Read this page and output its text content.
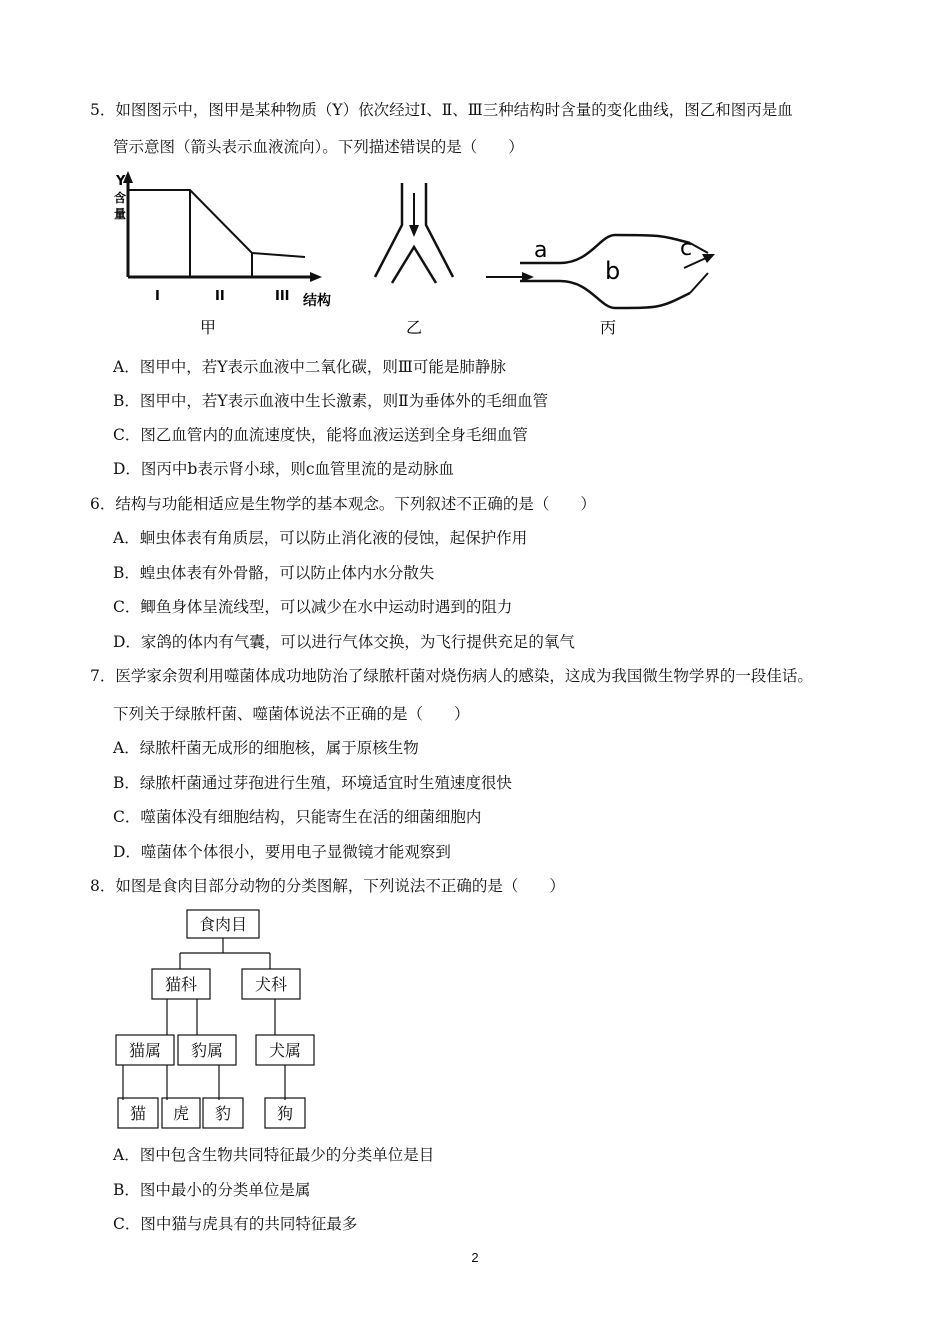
5．如图图示中，图甲是某种物质（Y）依次经过Ⅰ、Ⅱ、Ⅲ三种结构时含量的变化曲线，图乙和图丙是血
管示意图（箭头表示血液流向）。下列描述错误的是（　　）
Y
含
量
I	II	III 结构
甲	乙
a
b
c
丙
A．图甲中，若Y表示血液中二氧化碳，则Ⅲ可能是肺静脉
B．图甲中，若Y表示血液中生长激素，则Ⅱ为垂体外的毛细血管
C．图乙血管内的血流速度快，能将血液运送到全身毛细血管
D．图丙中b表示肾小球，则c血管里流的是动脉血
6．结构与功能相适应是生物学的基本观念。下列叙述不正确的是（　　）
A．蛔虫体表有角质层，可以防止消化液的侵蚀，起保护作用
B．蝗虫体表有外骨骼，可以防止体内水分散失
C．鲫鱼身体呈流线型，可以减少在水中运动时遇到的阻力
D．家鸽的体内有气囊，可以进行气体交换，为飞行提供充足的氧气
7．医学家余贺利用噬菌体成功地防治了绿脓杆菌对烧伤病人的感染，这成为我国微生物学界的一段佳话。
下列关于绿脓杆菌、噬菌体说法不正确的是（　　）
A．绿脓杆菌无成形的细胞核，属于原核生物
B．绿脓杆菌通过芽孢进行生殖，环境适宜时生殖速度很快
C．噬菌体没有细胞结构，只能寄生在活的细菌细胞内
D．噬菌体个体很小，要用电子显微镜才能观察到
8．如图是食肉目部分动物的分类图解，下列说法不正确的是（　　）
食肉目
猫科	犬科
猫属 豹属	犬属
猫 虎 豹	狗
A．图中包含生物共同特征最少的分类单位是目
B．图中最小的分类单位是属
C．图中猫与虎具有的共同特征最多
2
